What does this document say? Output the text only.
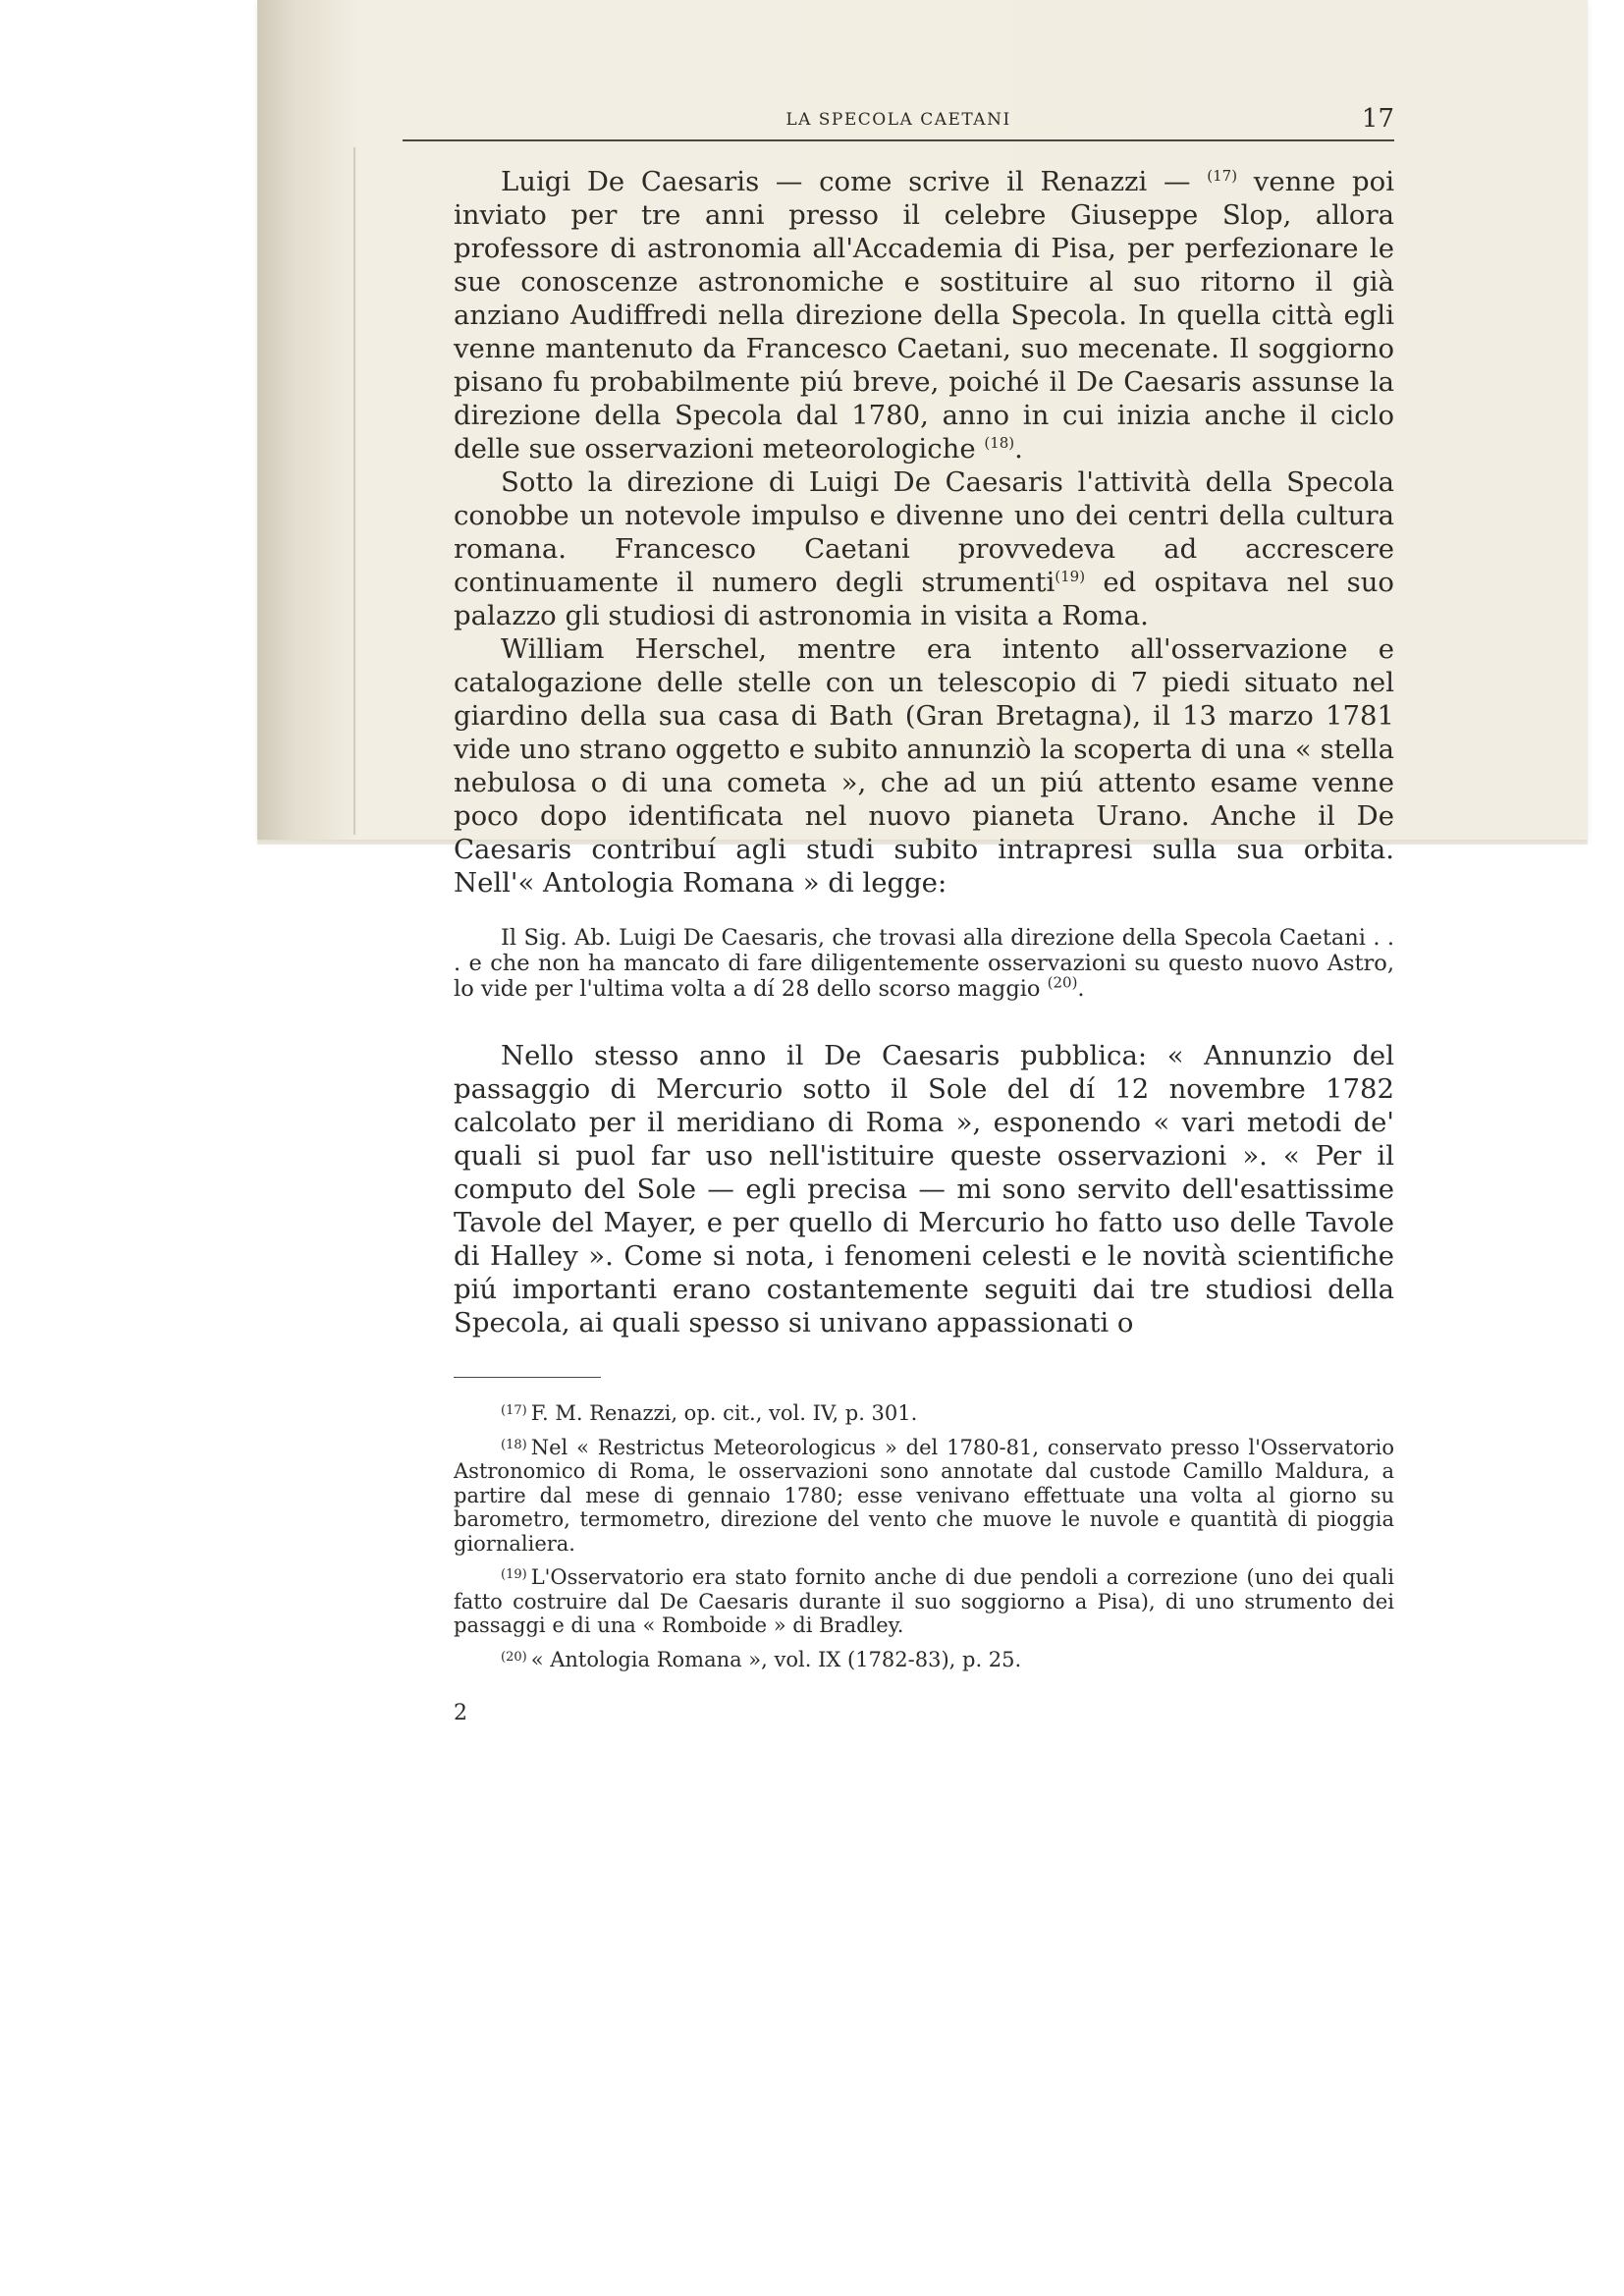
LA SPECOLA CAETANI	17

Luigi De Caesaris — come scrive il Renazzi — $^{(17)}$ venne poi inviato per tre anni presso il celebre Giuseppe Slop, allora professore di astronomia all'Accademia di Pisa, per perfezionare le sue conoscenze astronomiche e sostituire al suo ritorno il già anziano Audiffredi nella direzione della Specola. In quella città egli venne mantenuto da Francesco Caetani, suo mecenate. Il soggiorno pisano fu probabilmente piú breve, poiché il De Caesaris assunse la direzione della Specola dal 1780, anno in cui inizia anche il ciclo delle sue osservazioni meteorologiche $^{(18)}$.

Sotto la direzione di Luigi De Caesaris l'attività della Specola conobbe un notevole impulso e divenne uno dei centri della cultura romana. Francesco Caetani provvedeva ad accrescere continuamente il numero degli strumenti$^{(19)}$ ed ospitava nel suo palazzo gli studiosi di astronomia in visita a Roma.

William Herschel, mentre era intento all'osservazione e catalogazione delle stelle con un telescopio di 7 piedi situato nel giardino della sua casa di Bath (Gran Bretagna), il 13 marzo 1781 vide uno strano oggetto e subito annunziò la scoperta di una « stella nebulosa o di una cometa », che ad un piú attento esame venne poco dopo identificata nel nuovo pianeta Urano. Anche il De Caesaris contribuí agli studi subito intrapresi sulla sua orbita. Nell'« Antologia Romana » di legge:

Il Sig. Ab. Luigi De Caesaris, che trovasi alla direzione della Specola Caetani . . . e che non ha mancato di fare diligentemente osservazioni su questo nuovo Astro, lo vide per l'ultima volta a dí 28 dello scorso maggio $^{(20)}$.

Nello stesso anno il De Caesaris pubblica: « Annunzio del passaggio di Mercurio sotto il Sole del dí 12 novembre 1782 calcolato per il meridiano di Roma », esponendo « vari metodi de' quali si puol far uso nell'istituire queste osservazioni ». « Per il computo del Sole — egli precisa — mi sono servito dell'esattissime Tavole del Mayer, e per quello di Mercurio ho fatto uso delle Tavole di Halley ». Come si nota, i fenomeni celesti e le novità scientifiche piú importanti erano costantemente seguiti dai tre studiosi della Specola, ai quali spesso si univano appassionati o

$^{(17)}$ F. M. Renazzi, op. cit., vol. IV, p. 301.

$^{(18)}$ Nel « Restrictus Meteorologicus » del 1780-81, conservato presso l'Osservatorio Astronomico di Roma, le osservazioni sono annotate dal custode Camillo Maldura, a partire dal mese di gennaio 1780; esse venivano effettuate una volta al giorno su barometro, termometro, direzione del vento che muove le nuvole e quantità di pioggia giornaliera.

$^{(19)}$ L'Osservatorio era stato fornito anche di due pendoli a correzione (uno dei quali fatto costruire dal De Caesaris durante il suo soggiorno a Pisa), di uno strumento dei passaggi e di una « Romboide » di Bradley.

$^{(20)}$ « Antologia Romana », vol. IX (1782-83), p. 25.

2
